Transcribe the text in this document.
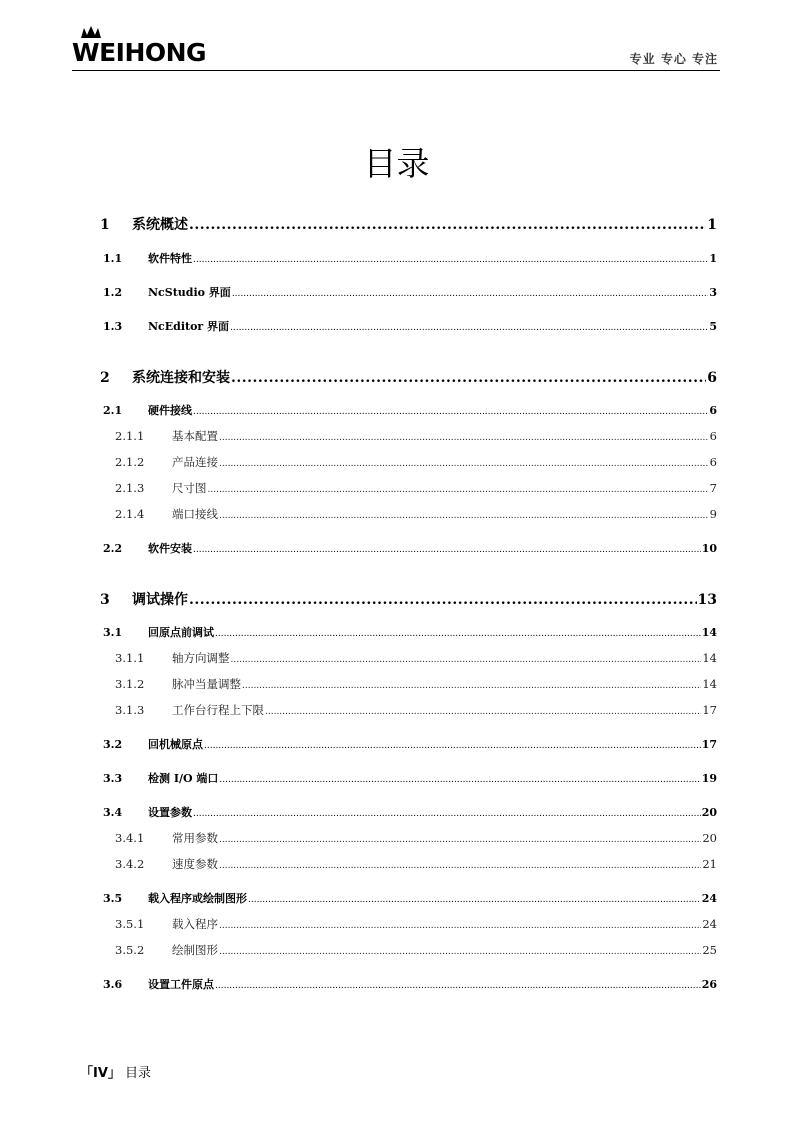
WEIHONG	专业 专心 专注
目录
1	系统概述 .....	1
1.1	软件特性 .....	1
1.2	NcStudio 界面 .....	3
1.3	NcEditor 界面 .....	5
2	系统连接和安装 .....	6
2.1	硬件接线 .....	6
2.1.1	基本配置 .....	6
2.1.2	产品连接 .....	6
2.1.3	尺寸图 .....	7
2.1.4	端口接线 .....	9
2.2	软件安装 .....	10
3	调试操作 .....	13
3.1	回原点前调试 .....	14
3.1.1	轴方向调整 .....	14
3.1.2	脉冲当量调整 .....	14
3.1.3	工作台行程上下限 .....	17
3.2	回机械原点 .....	17
3.3	检测 I/O 端口 .....	19
3.4	设置参数 .....	20
3.4.1	常用参数 .....	20
3.4.2	速度参数 .....	21
3.5	载入程序或绘制图形 .....	24
3.5.1	载入程序 .....	24
3.5.2	绘制图形 .....	25
3.6	设置工件原点 .....	26
「IV」 目录
